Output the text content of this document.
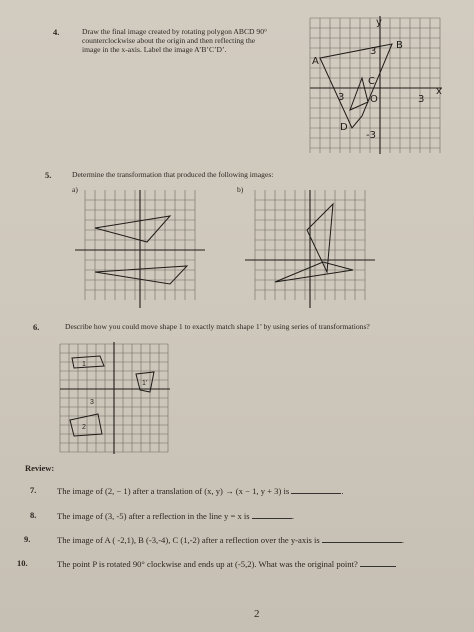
4.	Draw the final image created by rotating polygon ABCD 90°
counterclockwise about the origin and then reflecting the
image in the x-axis. Label the image A’B’C’D’.
y
x
A
B
C
D
3
3
3
-3
O
5.	Determine the transformation that produced the following images:
a)	b)
6.	Describe how you could move shape 1 to exactly match shape 1’ by using series of transformations?
1
1’
2
3
Review:
7. The image of (2, − 1) after a translation of (x, y) → (x − 1, y + 3) is	.
8. The image of (3, -5) after a reflection in the line y = x is	.
9.	The image of A ( -2,1), B (-3,-4), C (1,-2) after a reflection over the y-axis is	.
10.	The point P is rotated 90° clockwise and ends up at (-5,2). What was the original point?
2
